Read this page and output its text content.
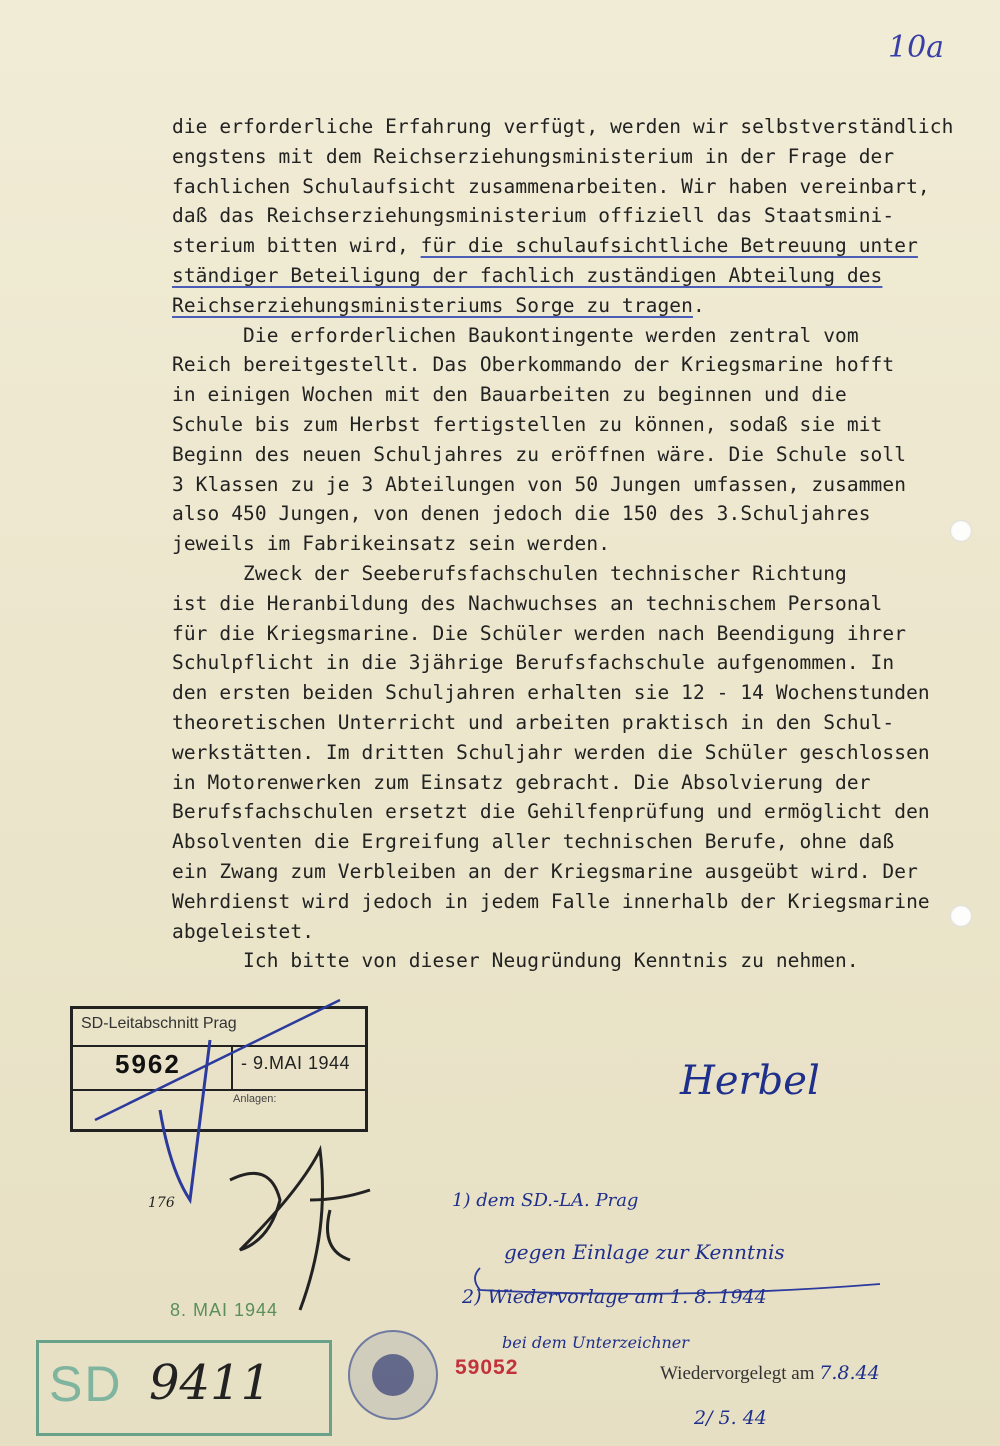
10a
die erforderliche Erfahrung verfügt, werden wir selbstverständlich
engstens mit dem Reichserziehungsministerium in der Frage der
fachlichen Schulaufsicht zusammenarbeiten. Wir haben vereinbart,
daß das Reichserziehungsministerium offiziell das Staatsmini-
sterium bitten wird, für die schulaufsichtliche Betreuung unter
ständiger Beteiligung der fachlich zuständigen Abteilung des
Reichserziehungsministeriums Sorge zu tragen.
Die erforderlichen Baukontingente werden zentral vom
Reich bereitgestellt. Das Oberkommando der Kriegsmarine hofft
in einigen Wochen mit den Bauarbeiten zu beginnen und die
Schule bis zum Herbst fertigstellen zu können, sodaß sie mit
Beginn des neuen Schuljahres zu eröffnen wäre. Die Schule soll
3 Klassen zu je 3 Abteilungen von 50 Jungen umfassen, zusammen
also 450 Jungen, von denen jedoch die 150 des 3.Schuljahres
jeweils im Fabrikeinsatz sein werden.
Zweck der Seeberufsfachschulen technischer Richtung
ist die Heranbildung des Nachwuchses an technischem Personal
für die Kriegsmarine. Die Schüler werden nach Beendigung ihrer
Schulpflicht in die 3jährige Berufsfachschule aufgenommen. In
den ersten beiden Schuljahren erhalten sie 12 - 14 Wochenstunden
theoretischen Unterricht und arbeiten praktisch in den Schul-
werkstätten. Im dritten Schuljahr werden die Schüler geschlossen
in Motorenwerken zum Einsatz gebracht. Die Absolvierung der
Berufsfachschulen ersetzt die Gehilfenprüfung und ermöglicht den
Absolventen die Ergreifung aller technischen Berufe, ohne daß
ein Zwang zum Verbleiben an der Kriegsmarine ausgeübt wird. Der
Wehrdienst wird jedoch in jedem Falle innerhalb der Kriegsmarine
abgeleistet.
Ich bitte von dieser Neugründung Kenntnis zu nehmen.
SD-Leitabschnitt Prag
5962	- 9.MAI 1944
Anlagen:	Herbel
176	1) dem SD.-LA. Prag
gegen Einlage zur Kenntnis
2) Wiedervorlage am 1. 8. 1944
bei dem Unterzeichner
2/ 5. 44
8. MAI 1944
SD 9411	59052	Wiedervorgelegt am 7.8.44
